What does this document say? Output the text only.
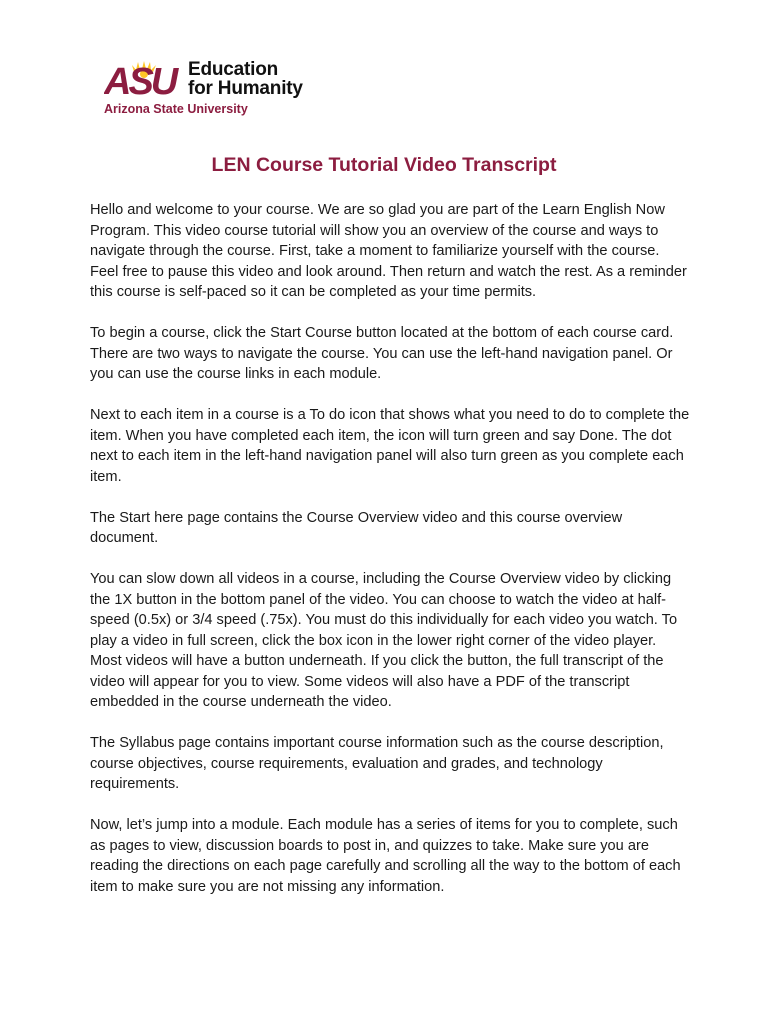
ASU Education
for Humanity
Arizona State University
LEN Course Tutorial Video Transcript

Hello and welcome to your course. We are so glad you are part of the Learn English Now Program. This video course tutorial will show you an overview of the course and ways to navigate through the course. First, take a moment to familiarize yourself with the course. Feel free to pause this video and look around. Then return and watch the rest. As a reminder this course is self-paced so it can be completed as your time permits.

To begin a course, click the Start Course button located at the bottom of each course card. There are two ways to navigate the course. You can use the left-hand navigation panel. Or you can use the course links in each module.

Next to each item in a course is a To do icon that shows what you need to do to complete the item. When you have completed each item, the icon will turn green and say Done. The dot next to each item in the left-hand navigation panel will also turn green as you complete each item.

The Start here page contains the Course Overview video and this course overview document.

You can slow down all videos in a course, including the Course Overview video by clicking the 1X button in the bottom panel of the video. You can choose to watch the video at half-speed (0.5x) or 3/4 speed (.75x). You must do this individually for each video you watch. To play a video in full screen, click the box icon in the lower right corner of the video player. Most videos will have a button underneath. If you click the button, the full transcript of the video will appear for you to view. Some videos will also have a PDF of the transcript embedded in the course underneath the video.

The Syllabus page contains important course information such as the course description, course objectives, course requirements, evaluation and grades, and technology requirements.

Now, let’s jump into a module. Each module has a series of items for you to complete, such as pages to view, discussion boards to post in, and quizzes to take. Make sure you are reading the directions on each page carefully and scrolling all the way to the bottom of each item to make sure you are not missing any information.
